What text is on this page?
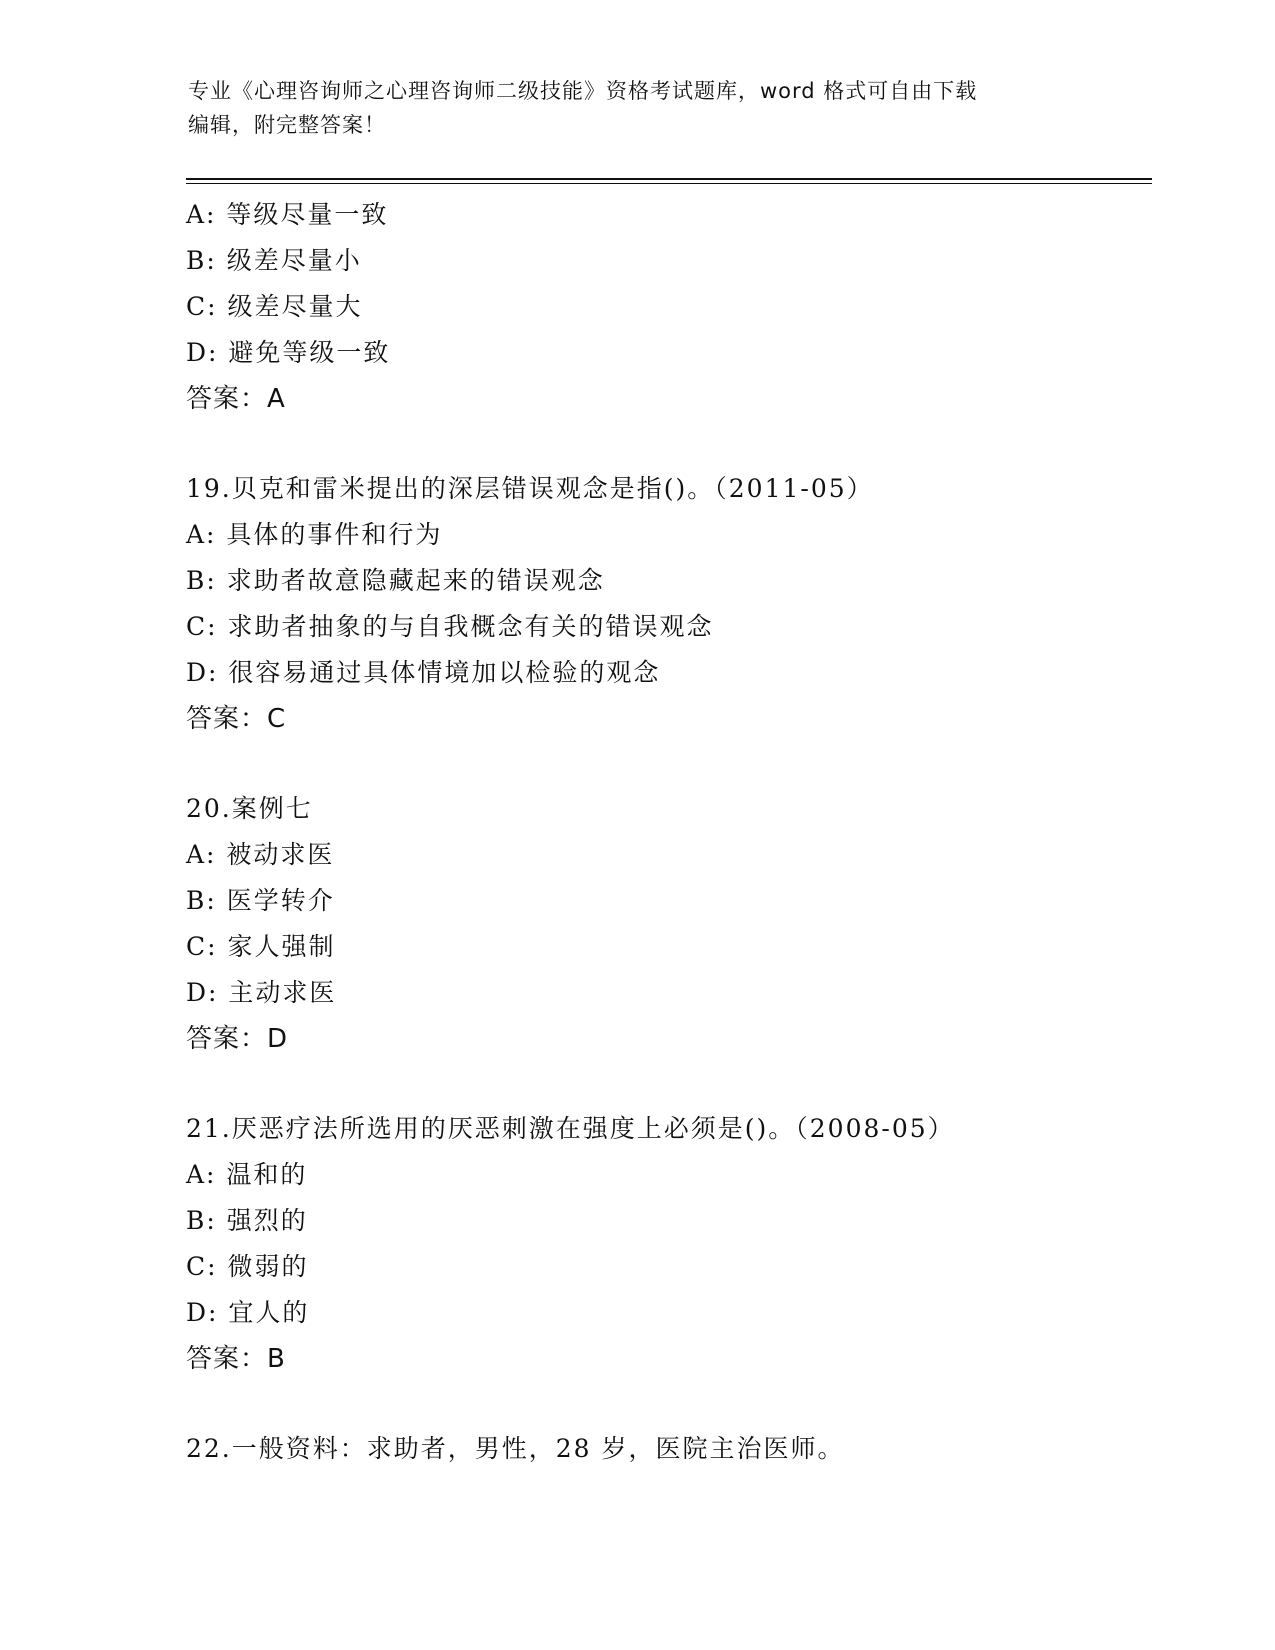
专业《心理咨询师之心理咨询师二级技能》资格考试题库，word 格式可自由下载
编辑，附完整答案！
A: 等级尽量一致
B: 级差尽量小
C: 级差尽量大
D: 避免等级一致
答案：A
19.贝克和雷米提出的深层错误观念是指()。（2011-05）
A: 具体的事件和行为
B: 求助者故意隐藏起来的错误观念
C: 求助者抽象的与自我概念有关的错误观念
D: 很容易通过具体情境加以检验的观念
答案：C
20.案例七
A: 被动求医
B: 医学转介
C: 家人强制
D: 主动求医
答案：D
21.厌恶疗法所选用的厌恶刺激在强度上必须是()。（2008-05）
A: 温和的
B: 强烈的
C: 微弱的
D: 宜人的
答案：B
22.一般资料：求助者，男性，28 岁，医院主治医师。
